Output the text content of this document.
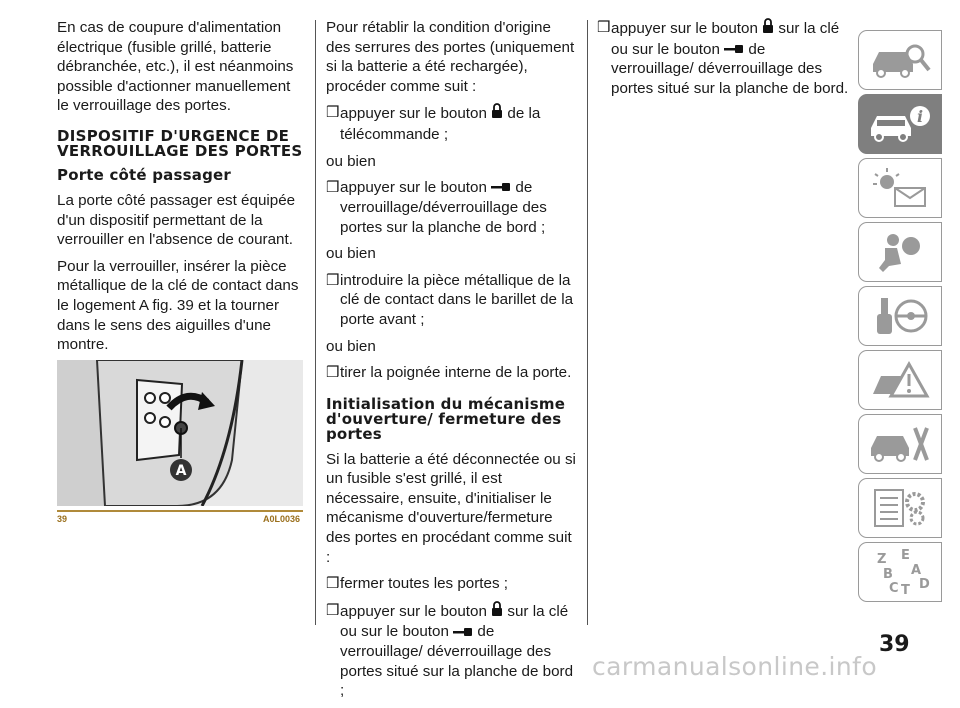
En cas de coupure d'alimentation électrique (fusible grillé, batterie débranchée, etc.), il est néanmoins possible d'actionner manuellement le verrouillage des portes.

DISPOSITIF D'URGENCE DE VERROUILLAGE DES PORTES
Porte côté passager

La porte côté passager est équipée d'un dispositif permettant de la verrouiller en l'absence de courant.

Pour la verrouiller, insérer la pièce métallique de la clé de contact dans le logement A fig. 39 et la tourner dans le sens des aiguilles d'une montre.

A
39	A0L0036

Pour rétablir la condition d'origine des serrures des portes (uniquement si la batterie a été rechargée), procéder comme suit :

❒ appuyer sur le bouton de la télécommande ;

ou bien

❒ appuyer sur le bouton de verrouillage/déverrouillage des portes sur la planche de bord ;

ou bien

❒ introduire la pièce métallique de la clé de contact dans le barillet de la porte avant ;

ou bien

❒ tirer la poignée interne de la porte.
Initialisation du mécanisme d'ouverture/ fermeture des portes

Si la batterie a été déconnectée ou si un fusible s'est grillé, il est nécessaire, ensuite, d'initialiser le mécanisme d'ouverture/fermeture des portes en procédant comme suit :

❒ fermer toutes les portes ;
❒ appuyer sur le bouton sur la clé ou sur le bouton de verrouillage/ déverrouillage des portes situé sur la planche de bord ;
❒ appuyer sur le bouton sur la clé ou sur le bouton de verrouillage/ déverrouillage des portes situé sur la planche de bord.
i
Z E
A
B
D
C T
39
carmanualsonline.info
